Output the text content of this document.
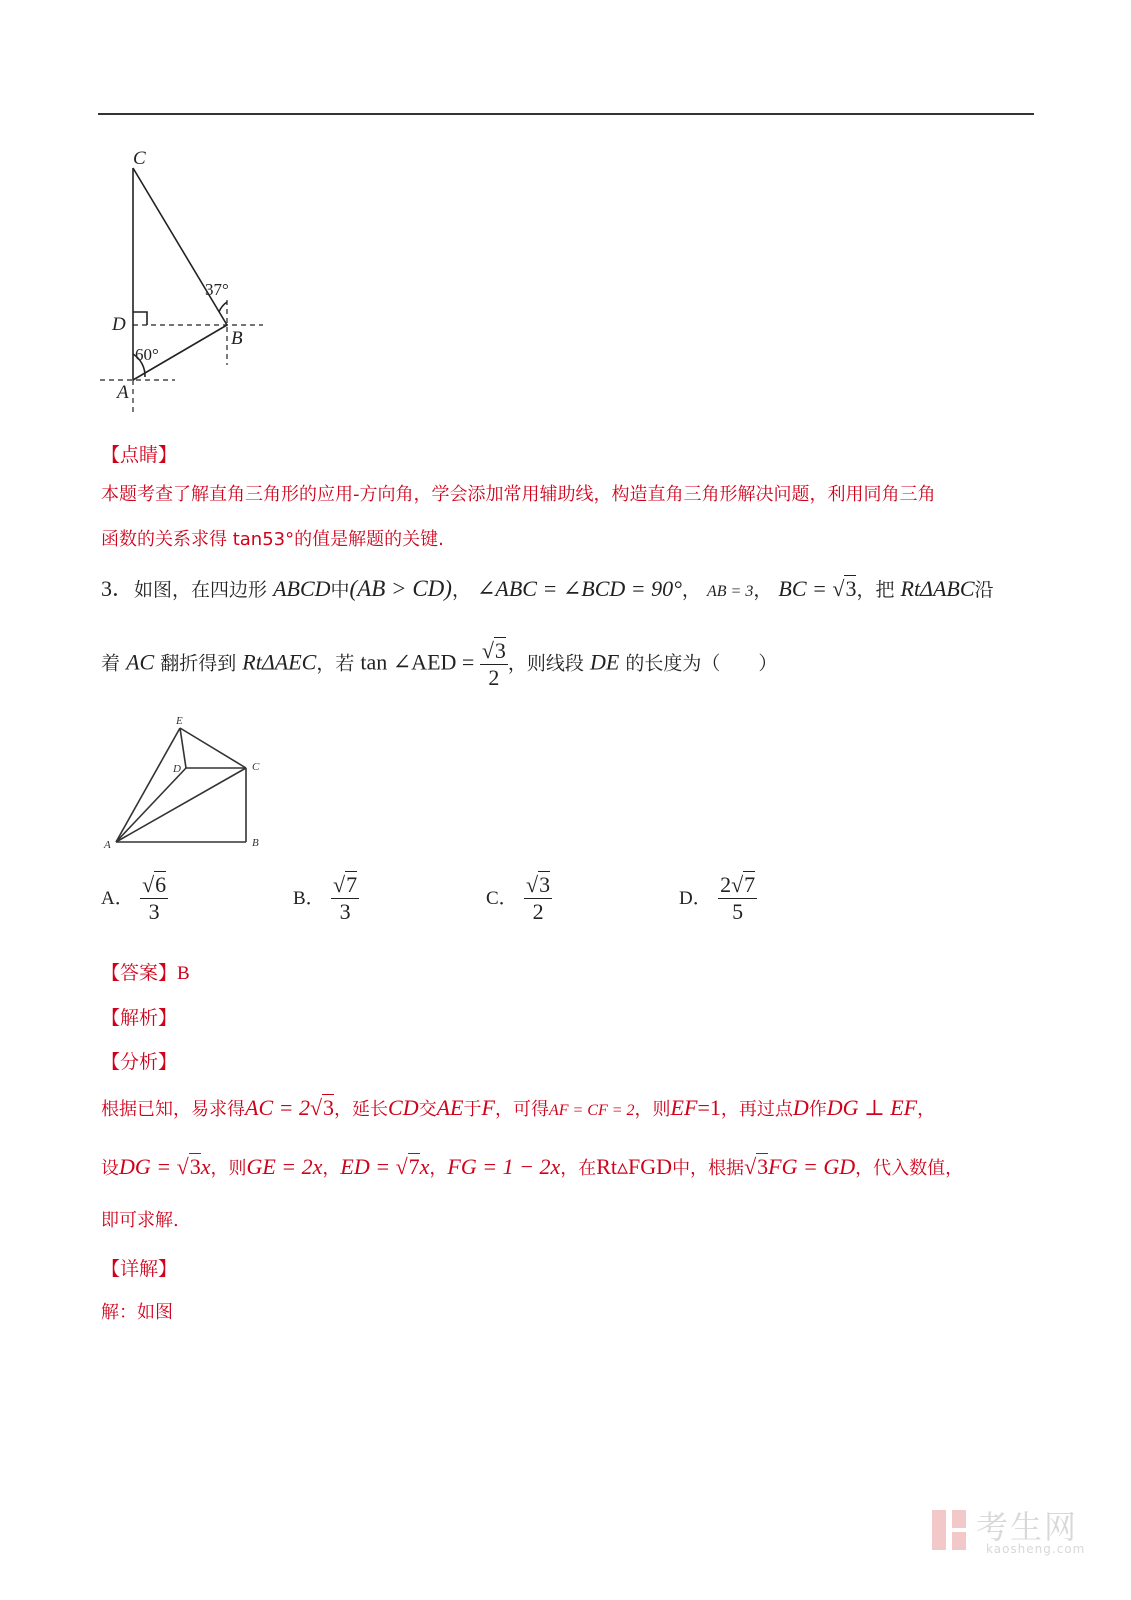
C
D
B
A
37°
60°
【点睛】
本题考查了解直角三角形的应用-方向角，学会添加常用辅助线，构造直角三角形解决问题，利用同角三角
函数的关系求得 tan53°的值是解题的关键.
3．如图，在四边形 ABCD中(AB > CD)， ∠ABC = ∠BCD = 90°， AB = 3， BC = √3，把 RtΔABC沿
着 AC 翻折得到 RtΔAEC，若 tan ∠AED = $\frac{√3}{2}$ ，则线段 DE 的长度为（　　）
E
D	C
A	B
A． $\frac{√6}{3}$	B． $\frac{√7}{3}$	C． $\frac{√3}{2}$	D． $\frac{2√7}{5}$
【答案】B
【解析】
【分析】
根据已知，易求得AC = 2√3，延长CD交AE于F，可得AF = CF = 2，则EF=1，再过点D作DG ⊥ EF，
设DG = √3x，则GE = 2x，ED = √7x，FG = 1 − 2x，在Rt▵FGD中，根据√3FG = GD，代入数值，
即可求解.
【详解】
解：如图
考生网
kaosheng.com
